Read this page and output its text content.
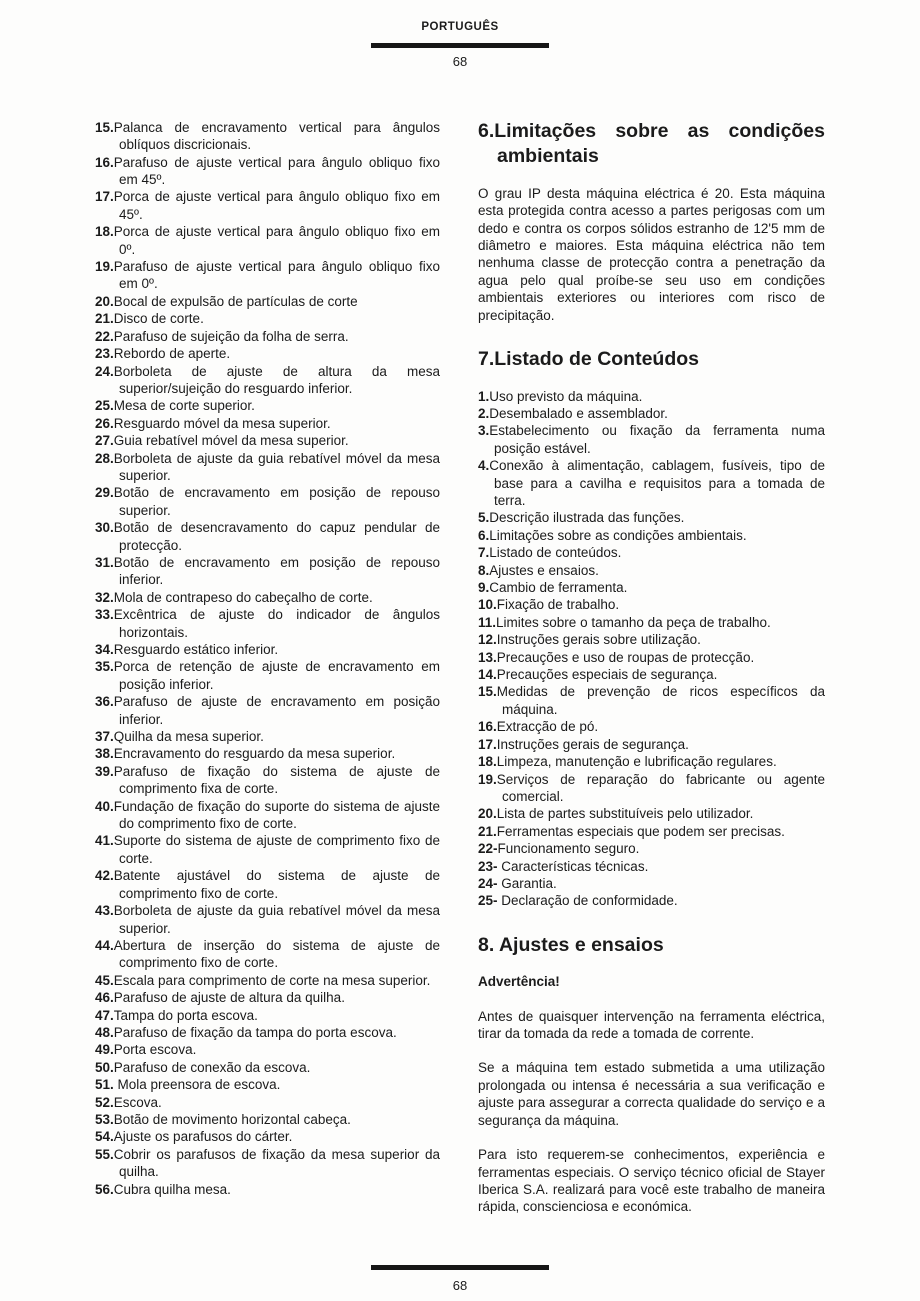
PORTUGUÊS
68
15.Palanca de encravamento vertical para ângulos oblíquos discricionais.
16.Parafuso de ajuste vertical para ângulo obliquo fixo em 45º.
17.Porca de ajuste vertical para ângulo obliquo fixo em 45º.
18.Porca de ajuste vertical para ângulo obliquo fixo em 0º.
19.Parafuso de ajuste vertical para ângulo obliquo fixo em 0º.
20.Bocal de expulsão de partículas de corte
21.Disco de corte.
22.Parafuso de sujeição da folha de serra.
23.Rebordo de aperte.
24.Borboleta de ajuste de altura da mesa superior/sujeição do resguardo inferior.
25.Mesa de corte superior.
26.Resguardo móvel da mesa superior.
27.Guia rebatível móvel da mesa superior.
28.Borboleta de ajuste da guia rebatível móvel da mesa superior.
29.Botão de encravamento em posição de repouso superior.
30.Botão de desencravamento do capuz pendular de protecção.
31.Botão de encravamento em posição de repouso inferior.
32.Mola de contrapeso do cabeçalho de corte.
33.Excêntrica de ajuste do indicador de ângulos horizontais.
34.Resguardo estático inferior.
35.Porca de retenção de ajuste de encravamento em posição inferior.
36.Parafuso de ajuste de encravamento em posição inferior.
37.Quilha da mesa superior.
38.Encravamento do resguardo da mesa superior.
39.Parafuso de fixação do sistema de ajuste de comprimento fixa de corte.
40.Fundação de fixação do suporte do sistema de ajuste do comprimento fixo de corte.
41.Suporte do sistema de ajuste de comprimento fixo de corte.
42.Batente ajustável do sistema de ajuste de comprimento fixo de corte.
43.Borboleta de ajuste da guia rebatível móvel da mesa superior.
44.Abertura de inserção do sistema de ajuste de comprimento fixo de corte.
45.Escala para comprimento de corte na mesa superior.
46.Parafuso de ajuste de altura da quilha.
47.Tampa do porta escova.
48.Parafuso de fixação da tampa do porta escova.
49.Porta escova.
50.Parafuso de conexão da escova.
51. Mola preensora de escova.
52.Escova.
53.Botão de movimento horizontal cabeça.
54.Ajuste os parafusos do cárter.
55.Cobrir os parafusos de fixação da mesa superior da quilha.
56.Cubra quilha mesa.
6.Limitações sobre as condições ambientais

O grau IP desta máquina eléctrica é 20. Esta máquina esta protegida contra acesso a partes perigosas com um dedo e contra os corpos sólidos estranho de 12'5 mm de diâmetro e maiores. Esta máquina eléctrica não tem nenhuma classe de protecção contra a penetração da agua pelo qual proíbe-se seu uso em condições ambientais exteriores ou interiores com risco de precipitação.

7.Listado de Conteúdos
1.Uso previsto da máquina.
2.Desembalado e assemblador.
3.Estabelecimento ou fixação da ferramenta numa posição estável.
4.Conexão à alimentação, cablagem, fusíveis, tipo de base para a cavilha e requisitos para a tomada de terra.
5.Descrição ilustrada das funções.
6.Limitações sobre as condições ambientais.
7.Listado de conteúdos.
8.Ajustes e ensaios.
9.Cambio de ferramenta.
10.Fixação de trabalho.
11.Limites sobre o tamanho da peça de trabalho.
12.Instruções gerais sobre utilização.
13.Precauções e uso de roupas de protecção.
14.Precauções especiais de segurança.
15.Medidas de prevenção de ricos específicos da máquina.
16.Extracção de pó.
17.Instruções gerais de segurança.
18.Limpeza, manutenção e lubrificação regulares.
19.Serviços de reparação do fabricante ou agente comercial.
20.Lista de partes substituíveis pelo utilizador.
21.Ferramentas especiais que podem ser precisas.
22-Funcionamento seguro.
23- Características técnicas.
24- Garantia.
25- Declaração de conformidade.
8. Ajustes e ensaios

Advertência!

Antes de quaisquer intervenção na ferramenta eléctrica, tirar da tomada da rede a tomada de corrente.

Se a máquina tem estado submetida a uma utilização prolongada ou intensa é necessária a sua verificação e ajuste para assegurar a correcta qualidade do serviço e a segurança da máquina.

Para isto requerem-se conhecimentos, experiência e ferramentas especiais. O serviço técnico oficial de Stayer Iberica S.A. realizará para você este trabalho de maneira rápida, conscienciosa e económica.

68
